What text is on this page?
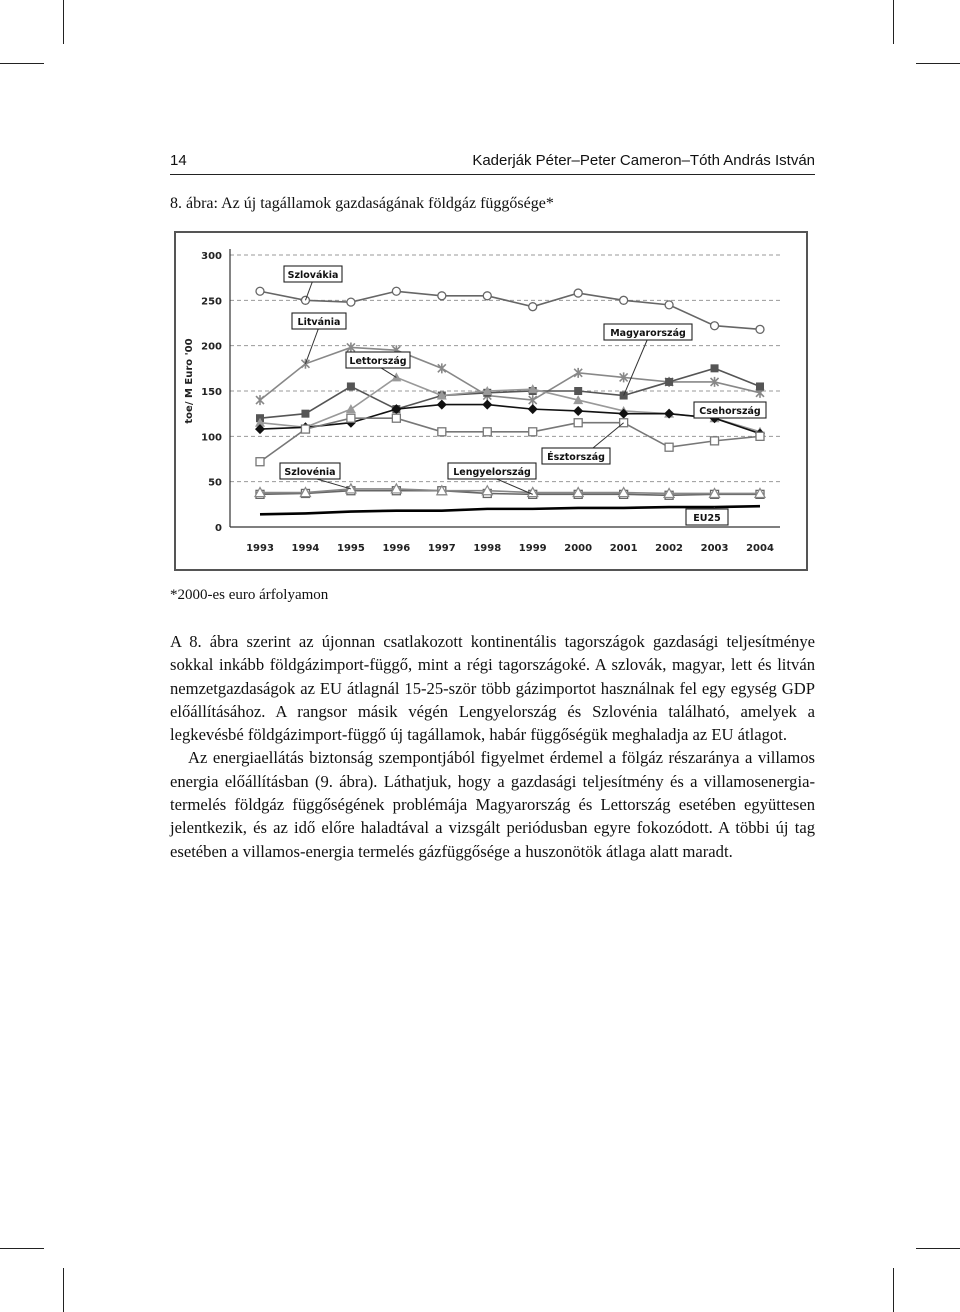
14	Kaderják Péter–Peter Cameron–Tóth András István
8. ábra: Az új tagállamok gazdaságának földgáz függősége*
0
50
100
150
200
250
300
1993 1994 1995 1996 1997 1998 1999 2000 2001 2002 2003 2004
toe/ M Euro '00
Szlovákia
Litvánia
Lettország
Magyarország
Csehország
Észtország
Lengyelország
Szlovénia
EU25
*2000-es euro árfolyamon

A 8. ábra szerint az újonnan csatlakozott kontinentális tagországok gazdasági teljesítménye sokkal inkább földgázimport-függő, mint a régi tagországoké. A szlovák, magyar, lett és litván nemzetgazdaságok az EU átlagnál 15-25-ször több gázimportot használnak fel egy egység GDP előállításához. A rangsor másik végén Lengyelország és Szlovénia található, amelyek a legkevésbé földgázimport-függő új tagállamok, habár függőségük meghaladja az EU átlagot.

Az energiaellátás biztonság szempontjából figyelmet érdemel a fölgáz részaránya a villamos energia előállításban (9. ábra). Láthatjuk, hogy a gazdasági teljesítmény és a villamosenergia-termelés földgáz függőségének problémája Magyarország és Lettország esetében együttesen jelentkezik, és az idő előre haladtával a vizsgált periódusban egyre fokozódott. A többi új tag esetében a villamos-energia termelés gázfüggősége a huszonötök átlaga alatt maradt.
